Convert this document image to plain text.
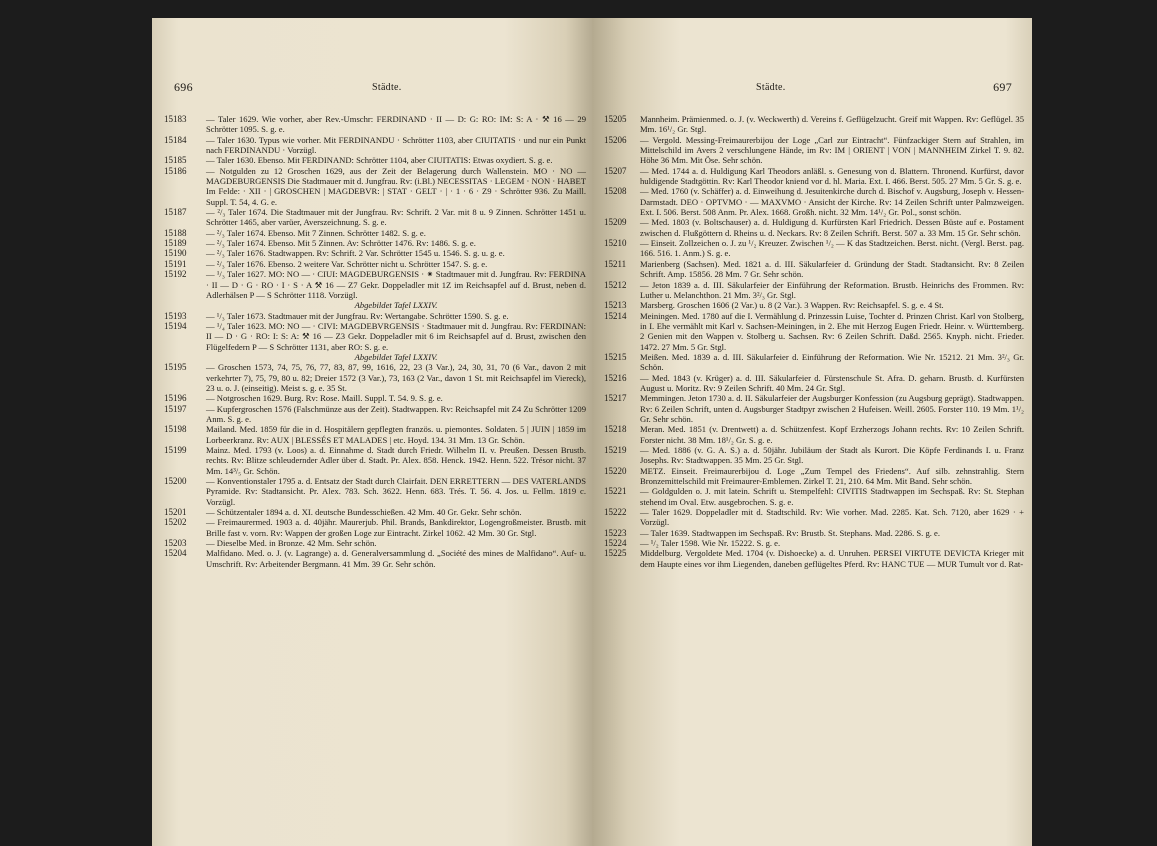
696	Städte.
15183	— Taler 1629. Wie vorher, aber Rev.-Umschr: FERDINAND · II — D: G: RO: IM: S: A · ⚒ 16 — 29 Schrötter 1095. S. g. e.
15184	— Taler 1630. Typus wie vorher. Mit FERDINANDU · Schrötter 1103, aber CIUITATIS · und nur ein Punkt nach FERDINANDU · Vorzügl.
15185	— Taler 1630. Ebenso. Mit FERDINAND: Schrötter 1104, aber CIUITATIS: Etwas oxydiert. S. g. e.
15186	— Notgulden zu 12 Groschen 1629, aus der Zeit der Belagerung durch Wallenstein. MO · NO — MAGDEBURGENSIS Die Stadtmauer mit d. Jungfrau. Rv: (i.Bl.) NECESSITAS · LEGEM · NON · HABET Im Felde: · XII · | GROSCHEN | MAGDEBVR: | STAT · GELT · | · 1 · 6 · Z9 · Schrötter 936. Zu Maill. Suppl. T. 54, 4. G. e.
15187	— ²/₃ Taler 1674. Die Stadtmauer mit der Jungfrau. Rv: Schrift. 2 Var. mit 8 u. 9 Zinnen. Schrötter 1451 u. Schrötter 1465, aber varüer, Averszeichnung. S. g. e.
15188	— ²/₃ Taler 1674. Ebenso. Mit 7 Zinnen. Schrötter 1482. S. g. e.
15189	— ²/₃ Taler 1674. Ebenso. Mit 5 Zinnen. Av: Schrötter 1476. Rv: 1486. S. g. e.
15190	— ²/₃ Taler 1676. Stadtwappen. Rv: Schrift. 2 Var. Schrötter 1545 u. 1546. S. g. u. g. e.
15191	— ²/₃ Taler 1676. Ebenso. 2 weitere Var. Schrötter nicht u. Schrötter 1547. S. g. e.
15192	— ¹/₃ Taler 1627. MO: NO — · CIUI: MAGDEBURGENSIS · ⁕ Stadtmauer mit d. Jungfrau. Rv: FERDINA · II — D · G · RO · I · S · A ⚒ 16 — Z7 Gekr. Doppeladler mit 1Z im Reichsapfel auf d. Brust, neben d. Adlerhälsen P — S Schrötter 1118. Vorzügl.
Abgebildet Tafel LXXIV.
15193	— ¹/₃ Taler 1673. Stadtmauer mit der Jungfrau. Rv: Wertangabe. Schrötter 1590. S. g. e.
15194	— ¹/₄ Taler 1623. MO: NO — · CIVI: MAGDEBVRGENSIS · Stadtmauer mit d. Jungfrau. Rv: FERDINAN: II — D · G · RO: I: S: A: ⚒ 16 — Z3 Gekr. Doppeladler mit 6 im Reichsapfel auf d. Brust, zwischen den Flügelfedern P — S Schrötter 1131, aber RO: S. g. e.
Abgebildet Tafel LXXIV.
15195	— Groschen 1573, 74, 75, 76, 77, 83, 87, 99, 1616, 22, 23 (3 Var.), 24, 30, 31, 70 (6 Var., davon 2 mit verkehrter 7), 75, 79, 80 u. 82; Dreier 1572 (3 Var.), 73, 163 (2 Var., davon 1 St. mit Reichsapfel im Viereck), 23 u. o. J. (einseitig). Meist s. g. e. 35 St.
15196	— Notgroschen 1629. Burg. Rv: Rose. Maill. Suppl. T. 54. 9. S. g. e.
15197	— Kupfergroschen 1576 (Falschmünze aus der Zeit). Stadtwappen. Rv: Reichsapfel mit Z4 Zu Schrötter 1209 Anm. S. g. e.
15198	Mailand. Med. 1859 für die in d. Hospitälern gepflegten französ. u. piemontes. Soldaten. 5 | JUIN | 1859 im Lorbeerkranz. Rv: AUX | BLESSÉS ET MALADES | etc. Hoyd. 134. 31 Mm. 13 Gr. Schön.
15199	Mainz. Med. 1793 (v. Loos) a. d. Einnahme d. Stadt durch Friedr. Wilhelm II. v. Preußen. Dessen Brustb. rechts. Rv: Blitze schleudernder Adler über d. Stadt. Pr. Alex. 858. Henck. 1942. Henn. 522. Trésor nicht. 37 Mm. 14³/₅ Gr. Schön.
15200	— Konventionstaler 1795 a. d. Entsatz der Stadt durch Clairfait. DEN ERRETTERN — DES VATERLANDS Pyramide. Rv: Stadtansicht. Pr. Alex. 783. Sch. 3622. Henn. 683. Trés. T. 56. 4. Jos. u. Fellm. 1819 c. Vorzügl.
15201	— Schützentaler 1894 a. d. XI. deutsche Bundesschießen. 42 Mm. 40 Gr. Gekr. Sehr schön.
15202	— Freimaurermed. 1903 a. d. 40jähr. Maurerjub. Phil. Brands, Bankdirektor, Logengroßmeister. Brustb. mit Brille fast v. vorn. Rv: Wappen der großen Loge zur Eintracht. Zirkel 1062. 42 Mm. 30 Gr. Stgl.
15203	— Dieselbe Med. in Bronze. 42 Mm. Sehr schön.
15204	Malfidano. Med. o. J. (v. Lagrange) a. d. Generalversammlung d. „Société des mines de Malfidano“. Auf- u. Umschrift. Rv: Arbeitender Bergmann. 41 Mm. 39 Gr. Sehr schön.
Städte.	697
15205	Mannheim. Prämienmed. o. J. (v. Weckwerth) d. Vereins f. Geflügelzucht. Greif mit Wappen. Rv: Geflügel. 35 Mm. 16¹/₂ Gr. Stgl.
15206	— Vergold. Messing-Freimaurerbijou der Loge „Carl zur Eintracht“. Fünfzackiger Stern auf Strahlen, im Mittelschild im Avers 2 verschlungene Hände, im Rv: IM | ORIENT | VON | MANNHEIM Zirkel T. 9. 82. Höhe 36 Mm. Mit Öse. Sehr schön.
15207	— Med. 1744 a. d. Huldigung Karl Theodors anläßl. s. Genesung von d. Blattern. Thronend. Kurfürst, davor huldigende Stadtgöttin. Rv: Karl Theodor kniend vor d. hl. Maria. Ext. I. 466. Berst. 505. 27 Mm. 5 Gr. S. g. e.
15208	— Med. 1760 (v. Schäffer) a. d. Einweihung d. Jesuitenkirche durch d. Bischof v. Augsburg, Joseph v. Hessen-Darmstadt. DEO · OPTVMO · — MAXVMO · Ansicht der Kirche. Rv: 14 Zeilen Schrift unter Palmzweigen. Ext. I. 506. Berst. 508 Anm. Pr. Alex. 1668. Großh. nicht. 32 Mm. 14¹/₂ Gr. Pol., sonst schön.
15209	— Med. 1803 (v. Boltschauser) a. d. Huldigung d. Kurfürsten Karl Friedrich. Dessen Büste auf e. Postament zwischen d. Flußgöttern d. Rheins u. d. Neckars. Rv: 8 Zeilen Schrift. Berst. 507 a. 33 Mm. 15 Gr. Sehr schön.
15210	— Einseit. Zollzeichen o. J. zu ¹/₂ Kreuzer. Zwischen ¹/₂ — K das Stadtzeichen. Berst. nicht. (Vergl. Berst. pag. 166. 516. 1. Anm.) S. g. e.
15211	Marienberg (Sachsen). Med. 1821 a. d. III. Säkularfeier d. Gründung der Stadt. Stadtansicht. Rv: 8 Zeilen Schrift. Amp. 15856. 28 Mm. 7 Gr. Sehr schön.
15212	— Jeton 1839 a. d. III. Säkularfeier der Einführung der Reformation. Brustb. Heinrichs des Frommen. Rv: Luther u. Melanchthon. 21 Mm. 3²/₃ Gr. Stgl.
15213	Marsberg. Groschen 1606 (2 Var.) u. 8 (2 Var.). 3 Wappen. Rv: Reichsapfel. S. g. e. 4 St.
15214	Meiningen. Med. 1780 auf die I. Vermählung d. Prinzessin Luise, Tochter d. Prinzen Christ. Karl von Stolberg, in I. Ehe vermählt mit Karl v. Sachsen-Meiningen, in 2. Ehe mit Herzog Eugen Friedr. Heinr. v. Württemberg. 2 Genien mit den Wappen v. Stolberg u. Sachsen. Rv: 6 Zeilen Schrift. Daßd. 2565. Knyph. nicht. Frieder. 1472. 27 Mm. 5 Gr. Stgl.
15215	Meißen. Med. 1839 a. d. III. Säkularfeier d. Einführung der Reformation. Wie Nr. 15212. 21 Mm. 3²/₃ Gr. Schön.
15216	— Med. 1843 (v. Krüger) a. d. III. Säkularfeier d. Fürstenschule St. Afra. D. geharn. Brustb. d. Kurfürsten August u. Moritz. Rv: 9 Zeilen Schrift. 40 Mm. 24 Gr. Stgl.
15217	Memmingen. Jeton 1730 a. d. II. Säkularfeier der Augsburger Konfession (zu Augsburg geprägt). Stadtwappen. Rv: 6 Zeilen Schrift, unten d. Augsburger Stadtpyr zwischen 2 Hufeisen. Weill. 2605. Forster 110. 19 Mm. 1¹/₂ Gr. Sehr schön.
15218	Meran. Med. 1851 (v. Drentwett) a. d. Schützenfest. Kopf Erzherzogs Johann rechts. Rv: 10 Zeilen Schrift. Forster nicht. 38 Mm. 18¹/₂ Gr. S. g. e.
15219	— Med. 1886 (v. G. A. S.) a. d. 50jähr. Jubiläum der Stadt als Kurort. Die Köpfe Ferdinands I. u. Franz Josephs. Rv: Stadtwappen. 35 Mm. 25 Gr. Stgl.
15220	METZ. Einseit. Freimaurerbijou d. Loge „Zum Tempel des Friedens“. Auf silb. zehnstrahlig. Stern Bronzemittelschild mit Freimaurer-Emblemen. Zirkel T. 21, 210. 64 Mm. Mit Band. Sehr schön.
15221	— Goldgulden o. J. mit latein. Schrift u. Stempelfehl: CIVITIS Stadtwappen im Sechspaß. Rv: St. Stephan stehend im Oval. Etw. ausgebrochen. S. g. e.
15222	— Taler 1629. Doppeladler mit d. Stadtschild. Rv: Wie vorher. Mad. 2285. Kat. Sch. 7120, aber 1629 · + Vorzügl.
15223	— Taler 1639. Stadtwappen im Sechspaß. Rv: Brustb. St. Stephans. Mad. 2286. S. g. e.
15224	— ¹/₂ Taler 1598. Wie Nr. 15222. S. g. e.
15225	Middelburg. Vergoldete Med. 1704 (v. Dishoecke) a. d. Unruhen. PERSEI VIRTUTE DEVICTA Krieger mit dem Haupte eines vor ihm Liegenden, daneben geflügeltes Pferd. Rv: HANC TUE — MUR Tumult vor d. Rat-
